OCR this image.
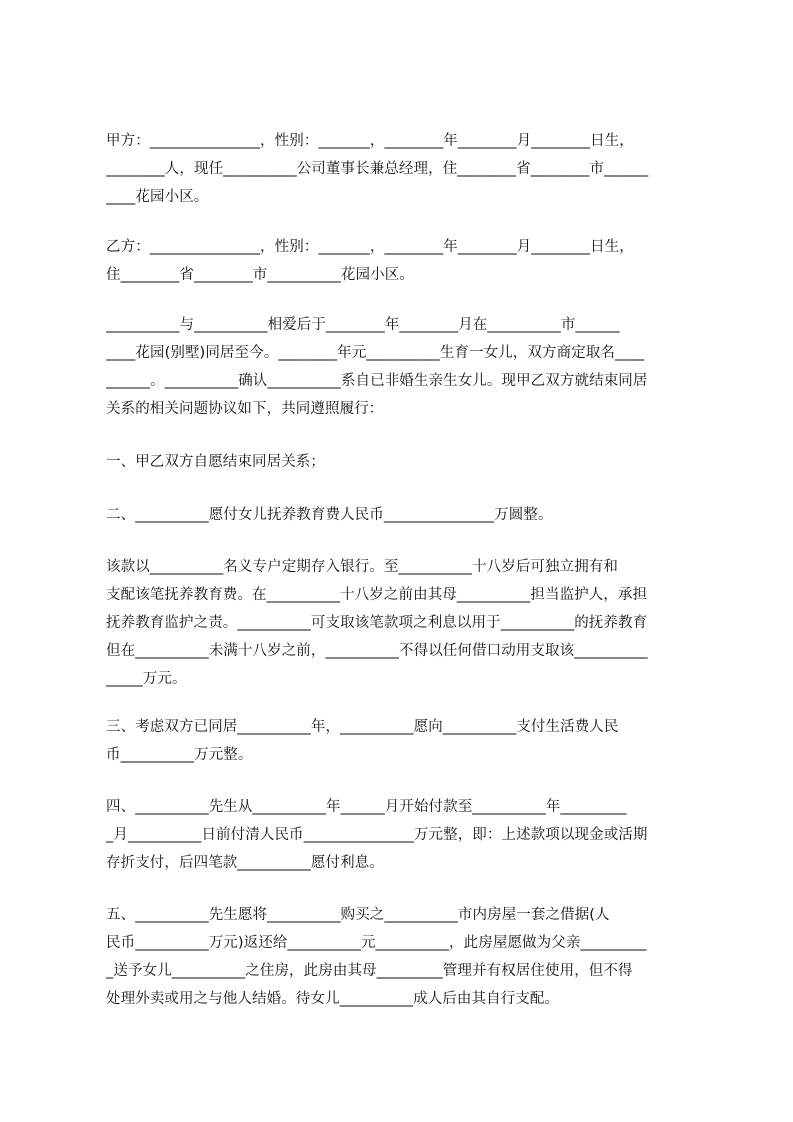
甲方：_______________，性别：_______，________年________月________日生，
________人，现任__________公司董事长兼总经理，住________省________市______
____花园小区。
乙方：_______________，性别：_______，________年________月________日生，
住________省________市__________花园小区。
__________与__________相爱后于________年________月在__________市______
____花园(别墅)同居至今。________年元__________生育一女儿，双方商定取名____
______。__________确认__________系自已非婚生亲生女儿。现甲乙双方就结束同居
关系的相关问题协议如下，共同遵照履行：
一、甲乙双方自愿结束同居关系；
二、__________愿付女儿抚养教育费人民币_______________万圆整。
该款以__________名义专户定期存入银行。至__________十八岁后可独立拥有和
支配该笔抚养教育费。在__________十八岁之前由其母__________担当监护人，承担
抚养教育监护之责。__________可支取该笔款项之利息以用于__________的抚养教育
但在__________未满十八岁之前，__________不得以任何借口动用支取该__________
_____万元。
三、考虑双方已同居__________年，__________愿向__________支付生活费人民
币__________万元整。
四、__________先生从__________年______月开始付款至__________年_________
_月__________日前付清人民币_______________万元整，即：上述款项以现金或活期
存折支付，后四笔款__________愿付利息。
五、__________先生愿将__________购买之__________市内房屋一套之借据(人
民币__________万元)返还给__________元__________，此房屋愿做为父亲_________
_送予女儿__________之住房，此房由其母_________管理并有权居住使用，但不得
处理外卖或用之与他人结婚。待女儿__________成人后由其自行支配。
